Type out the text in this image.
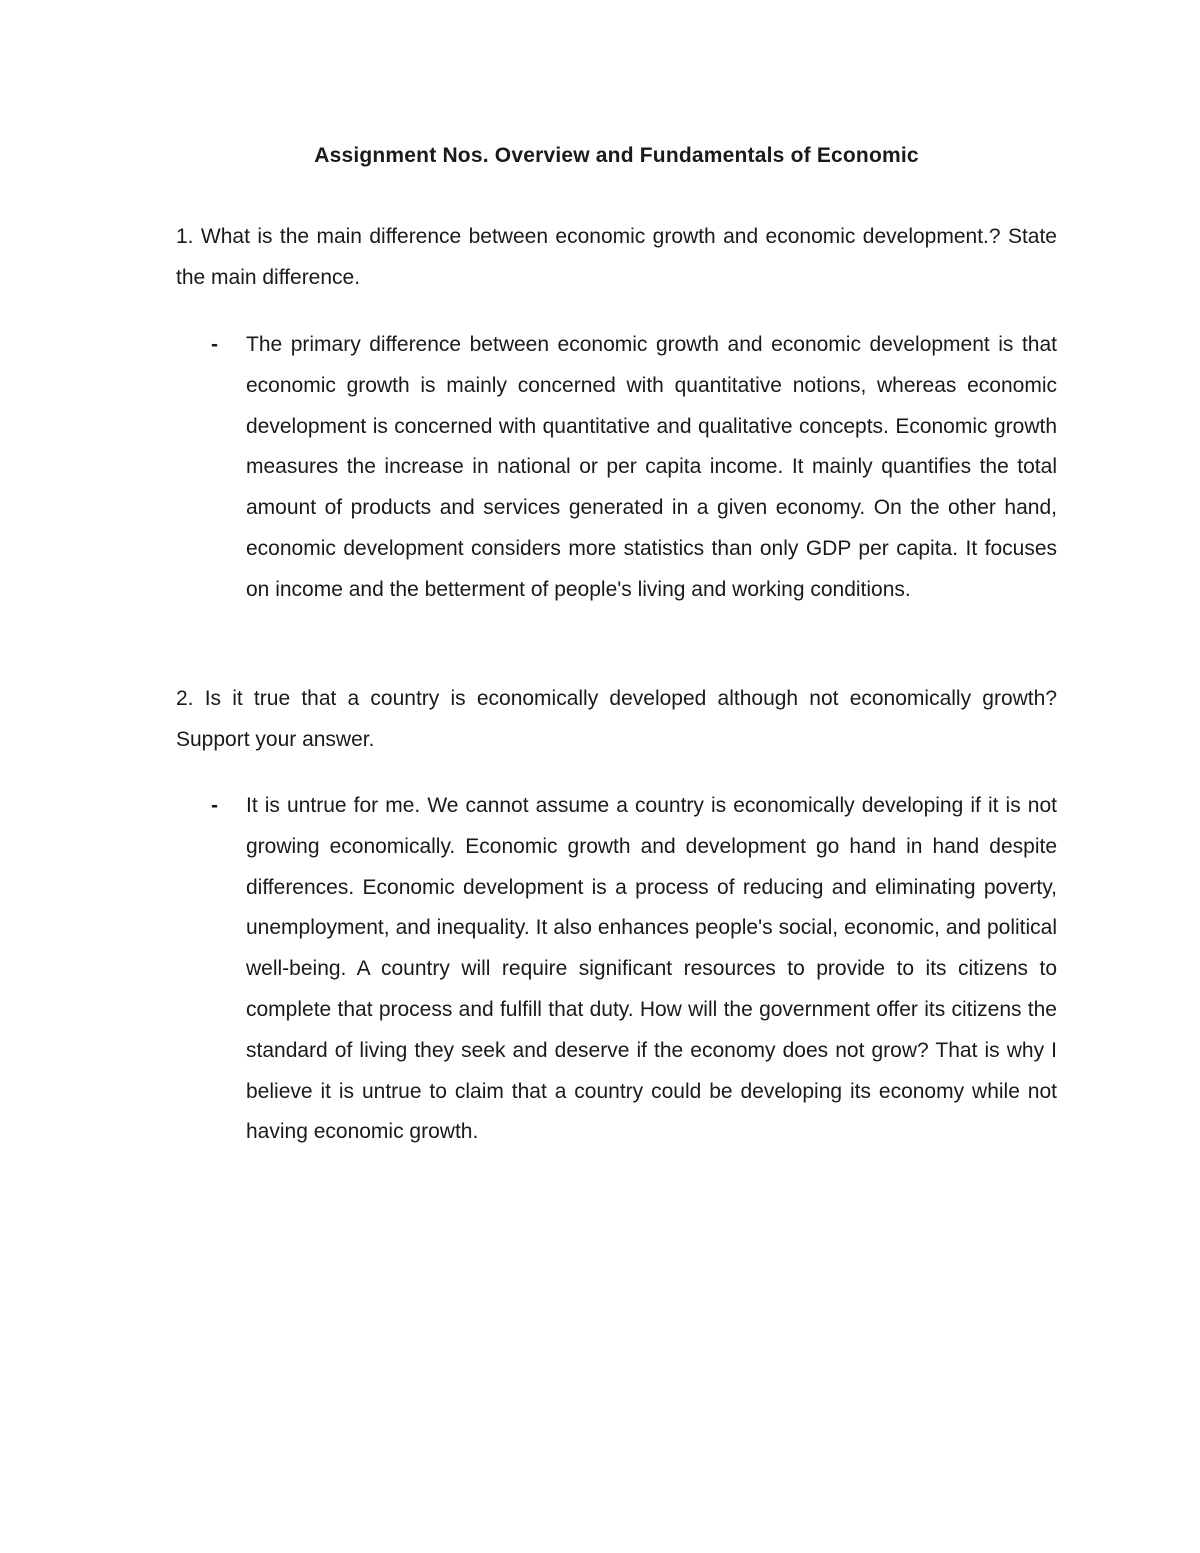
Assignment Nos. Overview and Fundamentals of Economic
1. What is the main difference between economic growth and economic development.? State the main difference.
- The primary difference between economic growth and economic development is that economic growth is mainly concerned with quantitative notions, whereas economic development is concerned with quantitative and qualitative concepts. Economic growth measures the increase in national or per capita income. It mainly quantifies the total amount of products and services generated in a given economy. On the other hand, economic development considers more statistics than only GDP per capita. It focuses on income and the betterment of people's living and working conditions.
2. Is it true that a country is economically developed although not economically growth? Support your answer.
- It is untrue for me. We cannot assume a country is economically developing if it is not growing economically. Economic growth and development go hand in hand despite differences. Economic development is a process of reducing and eliminating poverty, unemployment, and inequality. It also enhances people's social, economic, and political well-being. A country will require significant resources to provide to its citizens to complete that process and fulfill that duty. How will the government offer its citizens the standard of living they seek and deserve if the economy does not grow? That is why I believe it is untrue to claim that a country could be developing its economy while not having economic growth.
